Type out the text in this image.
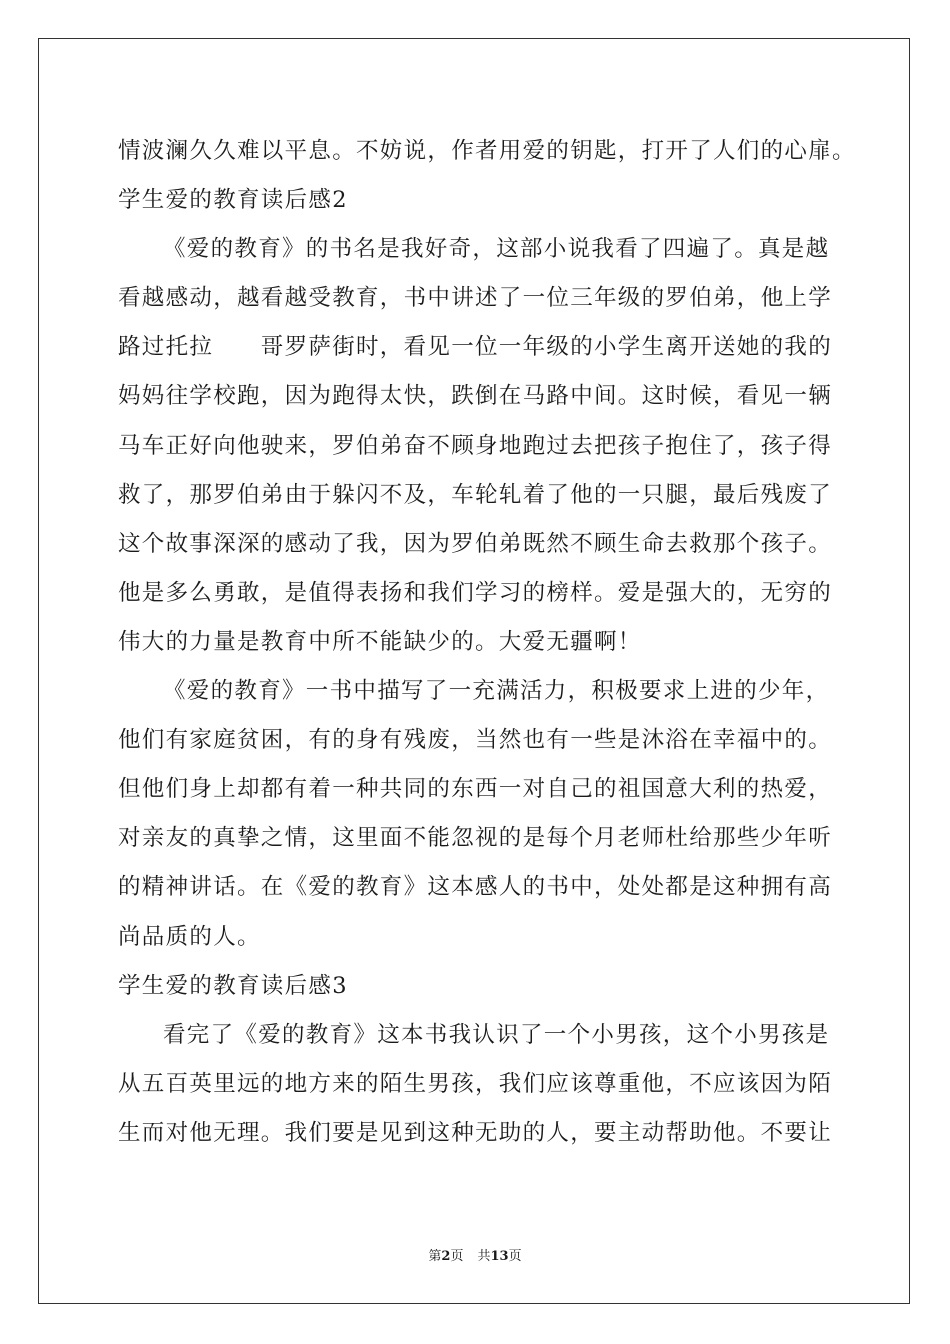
情波澜久久难以平息。不妨说，作者用爱的钥匙，打开了人们的心扉。
学生爱的教育读后感2
《爱的教育》的书名是我好奇，这部小说我看了四遍了。真是越
看越感动，越看越受教育，书中讲述了一位三年级的罗伯弟，他上学
路过托拉　　哥罗萨街时，看见一位一年级的小学生离开送她的我的
妈妈往学校跑，因为跑得太快，跌倒在马路中间。这时候，看见一辆
马车正好向他驶来，罗伯弟奋不顾身地跑过去把孩子抱住了，孩子得
救了，那罗伯弟由于躲闪不及，车轮轧着了他的一只腿，最后残废了
这个故事深深的感动了我，因为罗伯弟既然不顾生命去救那个孩子。
他是多么勇敢，是值得表扬和我们学习的榜样。爱是强大的，无穷的
伟大的力量是教育中所不能缺少的。大爱无疆啊！
《爱的教育》一书中描写了一充满活力，积极要求上进的少年，
他们有家庭贫困，有的身有残废，当然也有一些是沐浴在幸福中的。
但他们身上却都有着一种共同的东西一对自己的祖国意大利的热爱，
对亲友的真挚之情，这里面不能忽视的是每个月老师杜给那些少年听
的精神讲话。在《爱的教育》这本感人的书中，处处都是这种拥有高
尚品质的人。
学生爱的教育读后感3
看完了《爱的教育》这本书我认识了一个小男孩，这个小男孩是
从五百英里远的地方来的陌生男孩，我们应该尊重他，不应该因为陌
生而对他无理。我们要是见到这种无助的人，要主动帮助他。不要让
第2页 共13页
